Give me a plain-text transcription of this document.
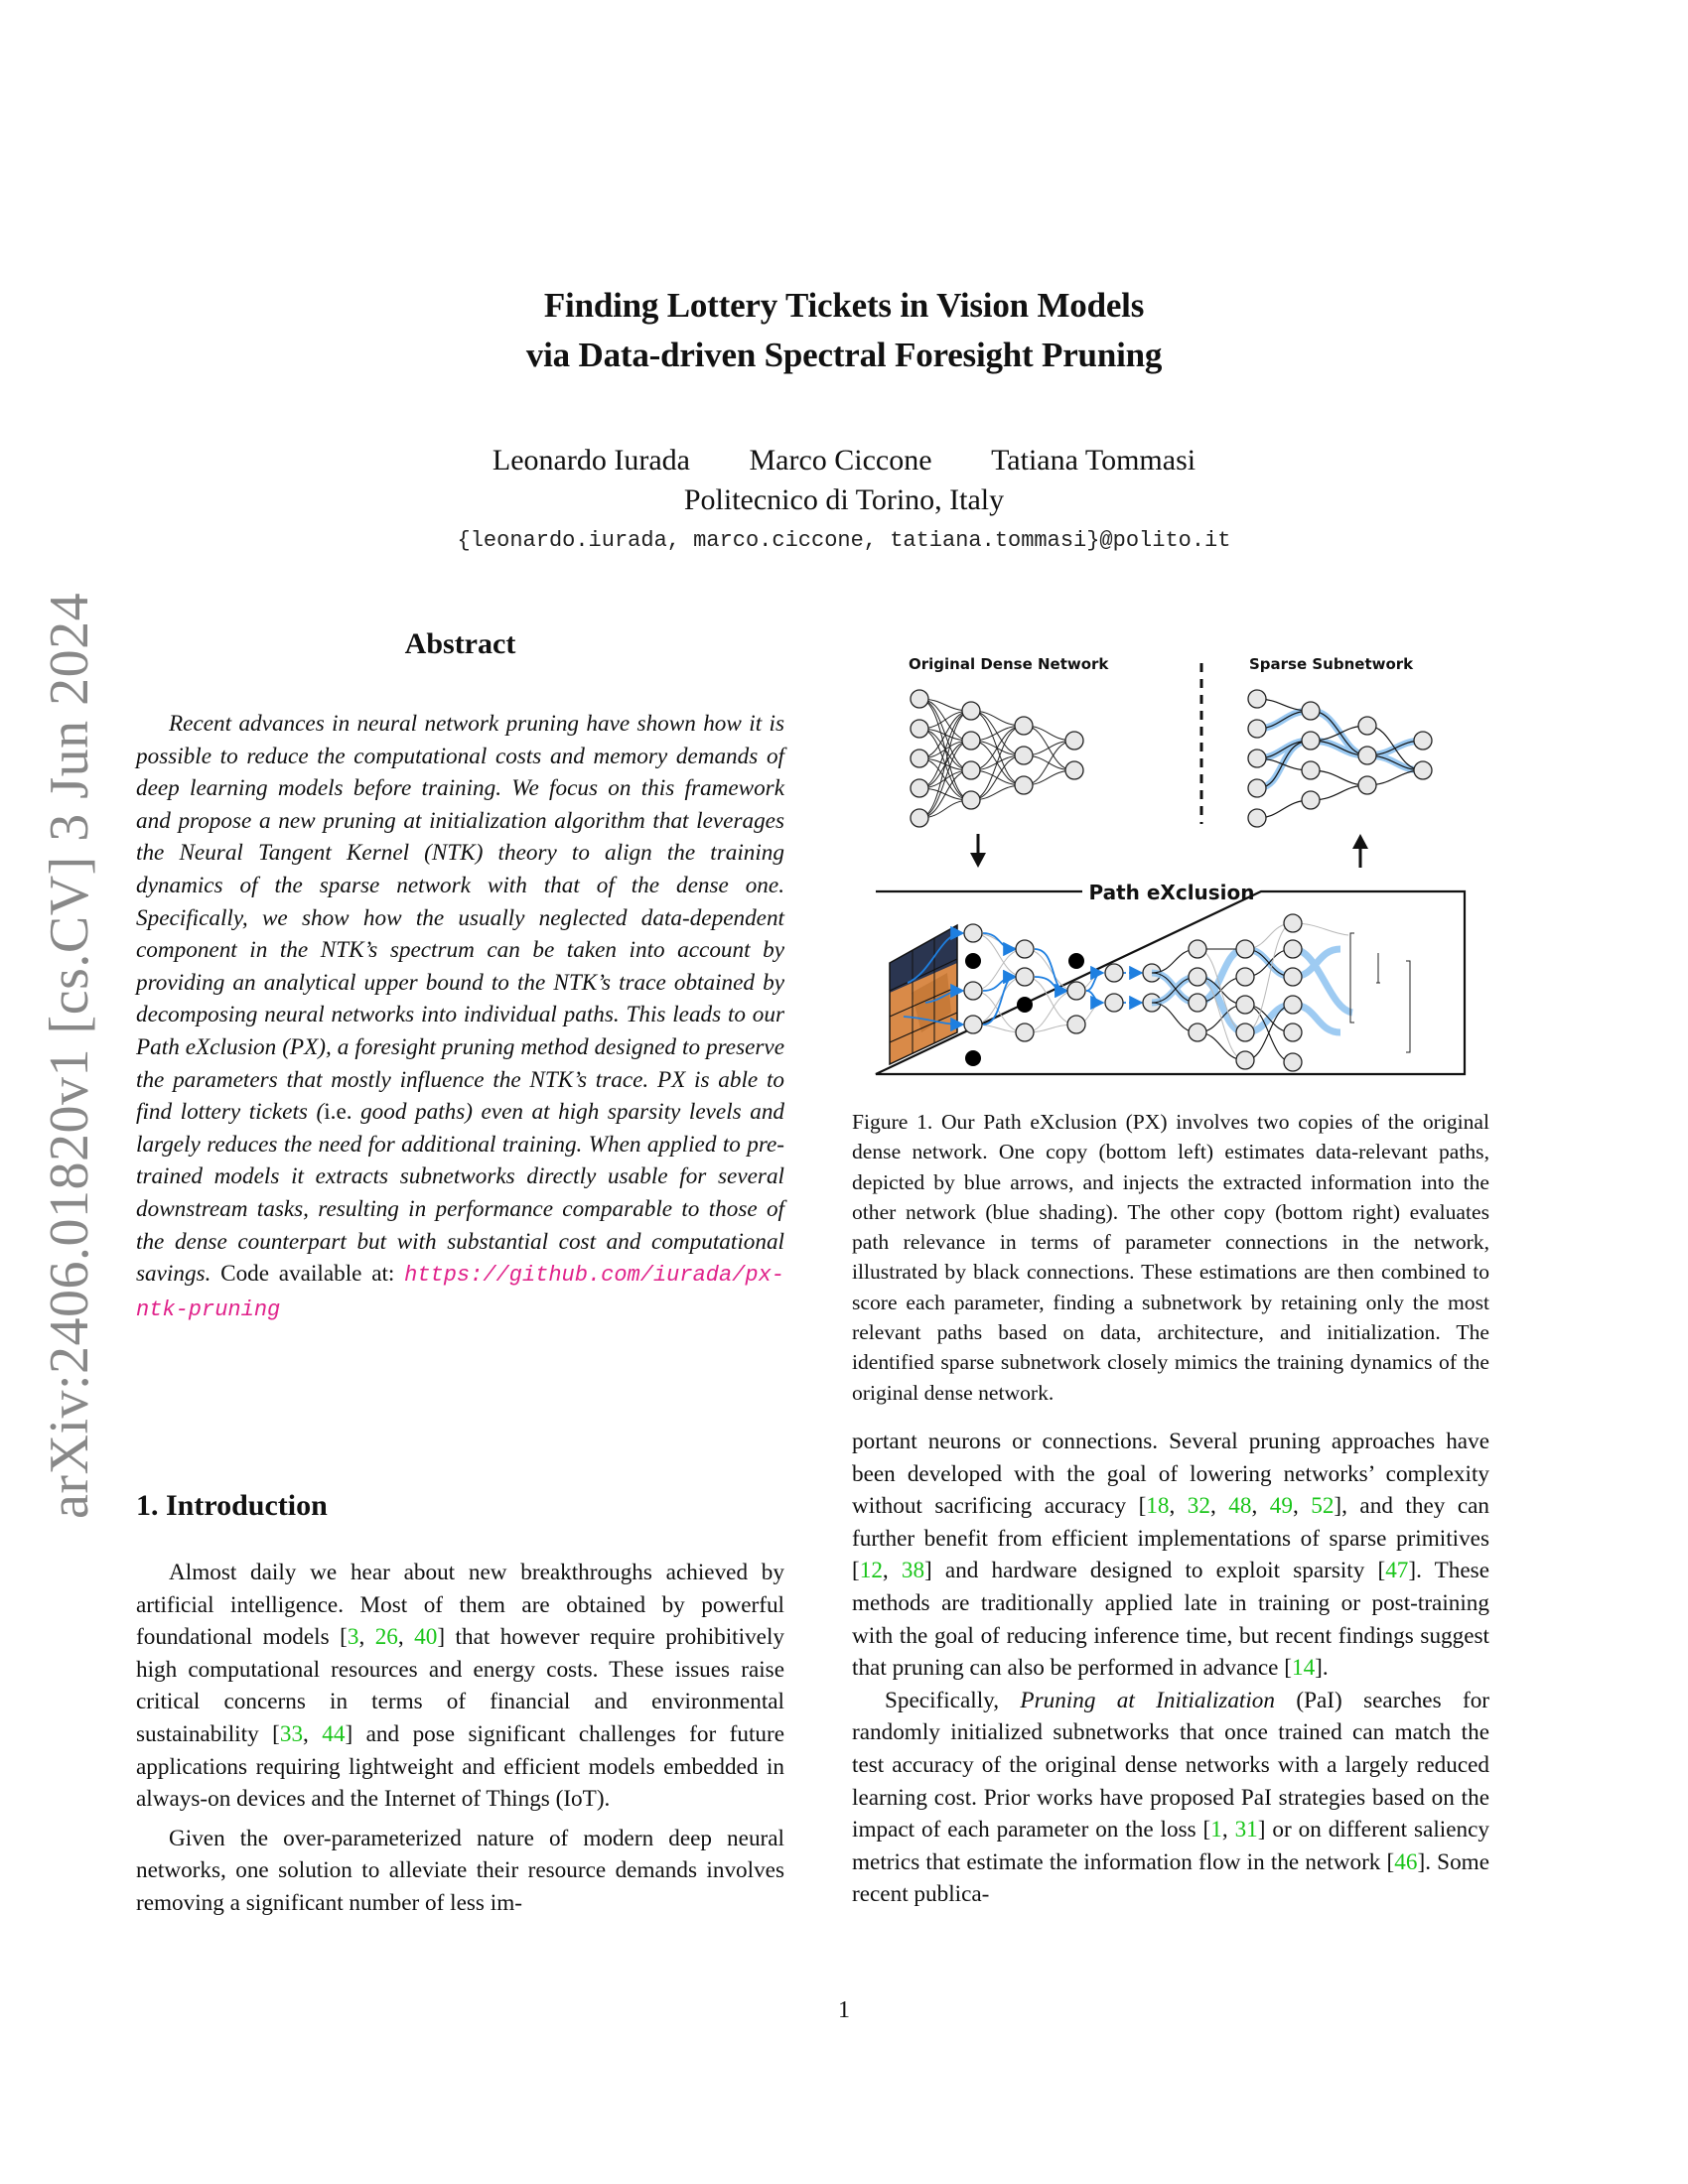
arXiv:2406.01820v1 [cs.CV] 3 Jun 2024
Finding Lottery Tickets in Vision Models
via Data-driven Spectral Foresight Pruning
Leonardo Iurada Marco Ciccone Tatiana Tommasi
Politecnico di Torino, Italy
{leonardo.iurada, marco.ciccone, tatiana.tommasi}@polito.it
Abstract

Recent advances in neural network pruning have shown how it is possible to reduce the computational costs and memory demands of deep learning models before training. We focus on this framework and propose a new pruning at initialization algorithm that leverages the Neural Tangent Kernel (NTK) theory to align the training dynamics of the sparse network with that of the dense one. Specifically, we show how the usually neglected data-dependent component in the NTK’s spectrum can be taken into account by providing an analytical upper bound to the NTK’s trace obtained by decomposing neural networks into individual paths. This leads to our Path eXclusion (PX), a foresight pruning method designed to preserve the parameters that mostly influence the NTK’s trace. PX is able to find lottery tickets (i.e. good paths) even at high sparsity levels and largely reduces the need for additional training. When applied to pre-trained models it extracts subnetworks directly usable for several downstream tasks, resulting in performance comparable to those of the dense counterpart but with substantial cost and computational savings. Code available at: https://github.com/iurada/px-ntk-pruning

1. Introduction

Almost daily we hear about new breakthroughs achieved by artificial intelligence. Most of them are obtained by powerful foundational models [3, 26, 40] that however require prohibitively high computational resources and energy costs. These issues raise critical concerns in terms of financial and environmental sustainability [33, 44] and pose significant challenges for future applications requiring lightweight and efficient models embedded in always-on devices and the Internet of Things (IoT).

Given the over-parameterized nature of modern deep neural networks, one solution to alleviate their resource demands involves removing a significant number of less im-

Original Dense Network	Sparse Subnetwork
Path eXclusion
Figure 1. Our Path eXclusion (PX) involves two copies of the original dense network. One copy (bottom left) estimates data-relevant paths, depicted by blue arrows, and injects the extracted information into the other network (blue shading). The other copy (bottom right) evaluates path relevance in terms of parameter connections in the network, illustrated by black connections. These estimations are then combined to score each parameter, finding a subnetwork by retaining only the most relevant paths based on data, architecture, and initialization. The identified sparse subnetwork closely mimics the training dynamics of the original dense network.

portant neurons or connections. Several pruning approaches have been developed with the goal of lowering networks’ complexity without sacrificing accuracy [18, 32, 48, 49, 52], and they can further benefit from efficient implementations of sparse primitives [12, 38] and hardware designed to exploit sparsity [47]. These methods are traditionally applied late in training or post-training with the goal of reducing inference time, but recent findings suggest that pruning can also be performed in advance [14].

Specifically, Pruning at Initialization (PaI) searches for randomly initialized subnetworks that once trained can match the test accuracy of the original dense networks with a largely reduced learning cost. Prior works have proposed PaI strategies based on the impact of each parameter on the loss [1, 31] or on different saliency metrics that estimate the information flow in the network [46]. Some recent publica-

1
